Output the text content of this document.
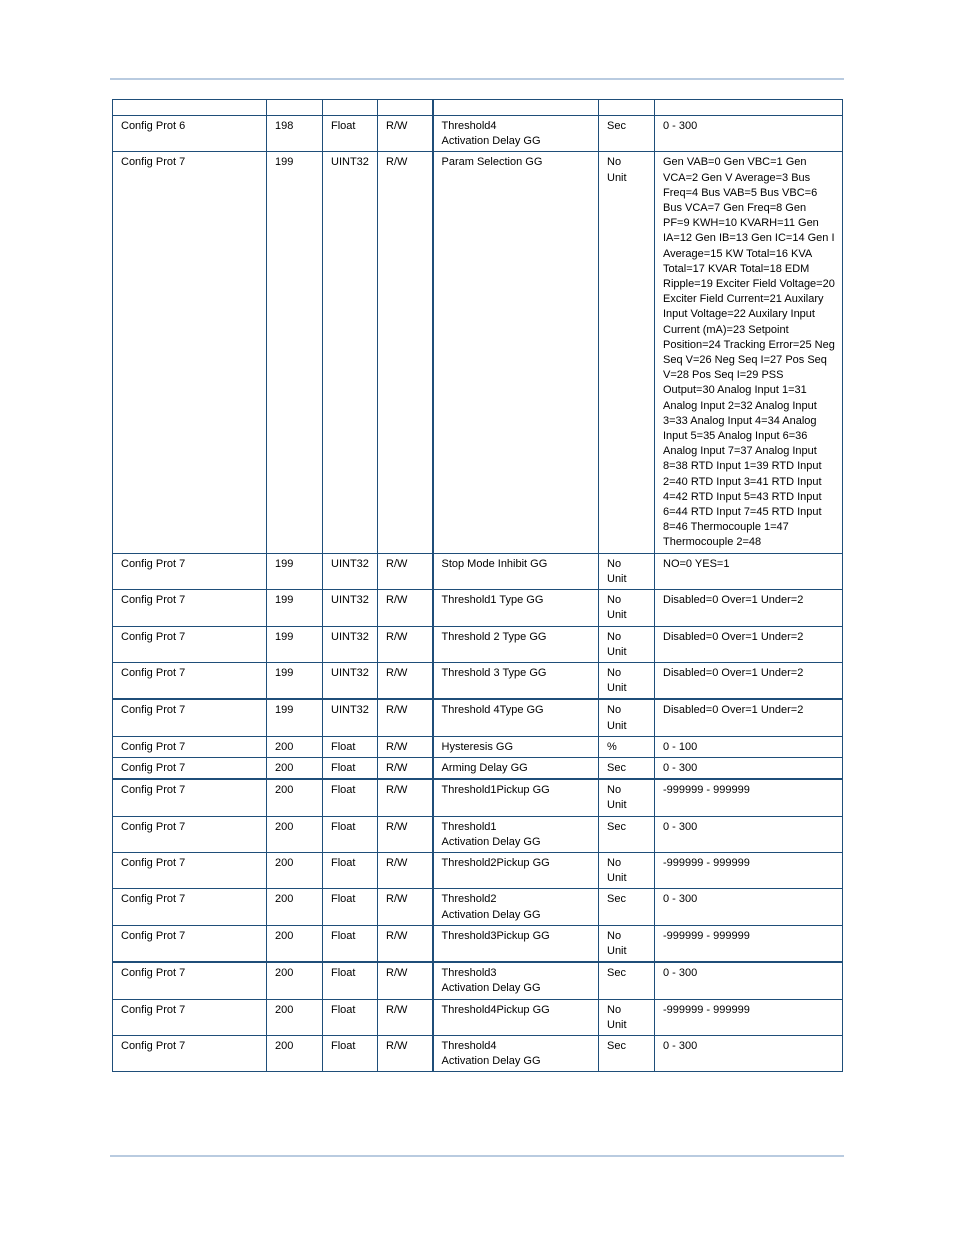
Config Prot 6	198	Float	R/W	Threshold4
Activation Delay GG	Sec	0 - 300
Config Prot 7	199	UINT32	R/W	Param Selection GG	No
Unit	Gen VAB=0 Gen VBC=1 Gen VCA=2 Gen V Average=3 Bus Freq=4 Bus VAB=5 Bus VBC=6 Bus VCA=7 Gen Freq=8 Gen PF=9 KWH=10 KVARH=11 Gen IA=12 Gen IB=13 Gen IC=14 Gen I Average=15 KW Total=16 KVA Total=17 KVAR Total=18 EDM Ripple=19 Exciter Field Voltage=20 Exciter Field Current=21 Auxilary Input Voltage=22 Auxilary Input Current (mA)=23 Setpoint Position=24 Tracking Error=25 Neg Seq V=26 Neg Seq I=27 Pos Seq V=28 Pos Seq I=29 PSS Output=30 Analog Input 1=31 Analog Input 2=32 Analog Input 3=33 Analog Input 4=34 Analog Input 5=35 Analog Input 6=36 Analog Input 7=37 Analog Input 8=38 RTD Input 1=39 RTD Input 2=40 RTD Input 3=41 RTD Input 4=42 RTD Input 5=43 RTD Input 6=44 RTD Input 7=45 RTD Input 8=46 Thermocouple 1=47 Thermocouple 2=48
Config Prot 7	199	UINT32	R/W	Stop Mode Inhibit GG	No
Unit	NO=0 YES=1
Config Prot 7	199	UINT32	R/W	Threshold1 Type GG	No
Unit	Disabled=0 Over=1 Under=2
Config Prot 7	199	UINT32	R/W	Threshold 2 Type GG	No
Unit	Disabled=0 Over=1 Under=2
Config Prot 7	199	UINT32	R/W	Threshold 3 Type GG	No
Unit	Disabled=0 Over=1 Under=2
Config Prot 7	199	UINT32	R/W	Threshold 4Type GG	No
Unit	Disabled=0 Over=1 Under=2
Config Prot 7	200	Float	R/W	Hysteresis GG	%	0 - 100
Config Prot 7	200	Float	R/W	Arming Delay GG	Sec	0 - 300
Config Prot 7	200	Float	R/W	Threshold1Pickup GG	No
Unit	-999999 - 999999
Config Prot 7	200	Float	R/W	Threshold1
Activation Delay GG	Sec	0 - 300
Config Prot 7	200	Float	R/W	Threshold2Pickup GG	No
Unit	-999999 - 999999
Config Prot 7	200	Float	R/W	Threshold2
Activation Delay GG	Sec	0 - 300
Config Prot 7	200	Float	R/W	Threshold3Pickup GG	No
Unit	-999999 - 999999
Config Prot 7	200	Float	R/W	Threshold3
Activation Delay GG	Sec	0 - 300
Config Prot 7	200	Float	R/W	Threshold4Pickup GG	No
Unit	-999999 - 999999
Config Prot 7	200	Float	R/W	Threshold4
Activation Delay GG	Sec	0 - 300
